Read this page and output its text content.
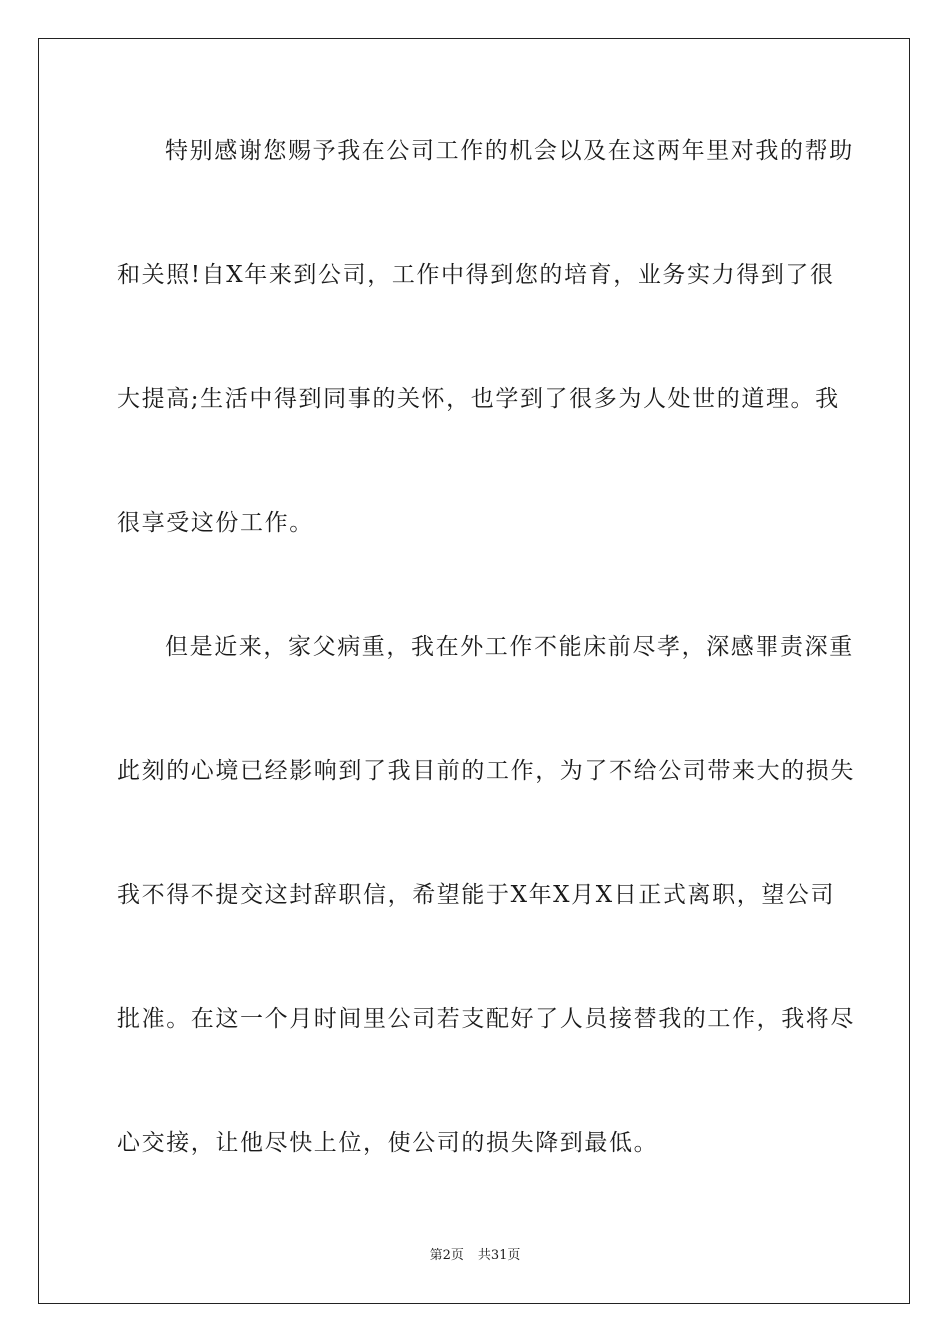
特别感谢您赐予我在公司工作的机会以及在这两年里对我的帮助
和关照!自X年来到公司，工作中得到您的培育，业务实力得到了很
大提高;生活中得到同事的关怀，也学到了很多为人处世的道理。我
很享受这份工作。
但是近来，家父病重，我在外工作不能床前尽孝，深感罪责深重
此刻的心境已经影响到了我目前的工作，为了不给公司带来大的损失
我不得不提交这封辞职信，希望能于X年X月X日正式离职，望公司
批准。在这一个月时间里公司若支配好了人员接替我的工作，我将尽
心交接，让他尽快上位，使公司的损失降到最低。
第2页 共31页
